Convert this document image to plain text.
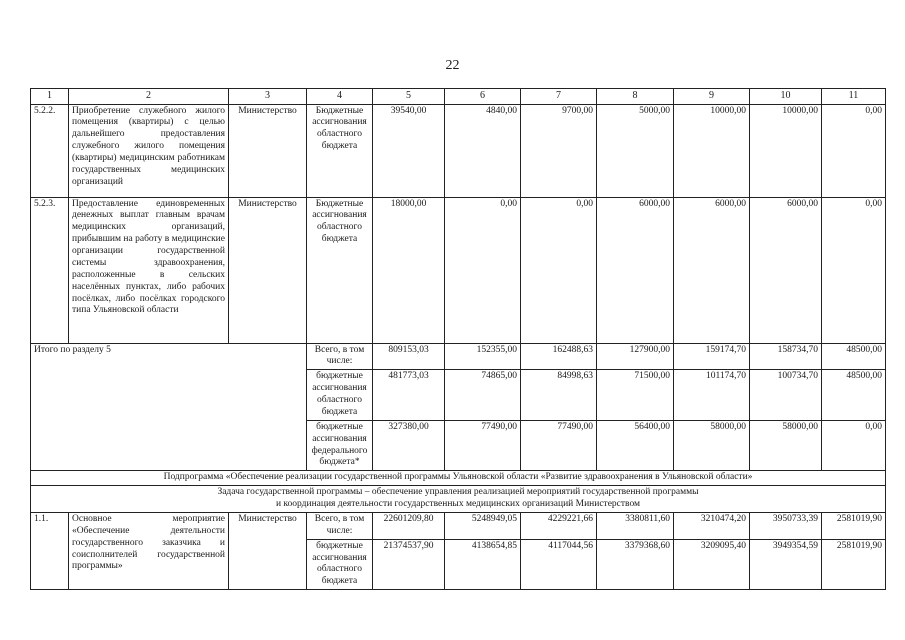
22
1	2	3	4	5	6	7	8	9	10	11
5.2.2.	Приобретение служебного жилого помещения (квартиры) с целью дальнейшего предоставления служебного жилого помещения (квартиры) медицинским работникам государственных медицинских организаций	Министерство	Бюджетные ассигнования областного бюджета	39540,00	4840,00	9700,00	5000,00	10000,00	10000,00	0,00
5.2.3.	Предоставление единовременных денежных выплат главным врачам медицинских организаций, прибывшим на работу в медицинские организации государственной системы здравоохранения, расположенные в сельских населённых пунктах, либо рабочих посёлках, либо посёлках городского типа Ульяновской области	Министерство	Бюджетные ассигнования областного бюджета	18000,00	0,00	0,00	6000,00	6000,00	6000,00	0,00
Итого по разделу 5			Всего, в том числе:	809153,03	152355,00	162488,63	127900,00	159174,70	158734,70	48500,00
			бюджетные ассигнования областного бюджета	481773,03	74865,00	84998,63	71500,00	101174,70	100734,70	48500,00
			бюджетные ассигнования федерального бюджета*	327380,00	77490,00	77490,00	56400,00	58000,00	58000,00	0,00
Подпрограмма «Обеспечение реализации государственной программы Ульяновской области «Развитие здравоохранения в Ульяновской области»										

Задача государственной программы – обеспечение управления реализацией мероприятий государственной программы
и координация деятельности государственных медицинских организаций Министерством										

1.1.	Основное мероприятие «Обеспечение деятельности государственного заказчика и соисполнителей государственной программы»	Министерство	Всего, в том числе:	22601209,80	5248949,05	4229221,66	3380811,60	3210474,20	3950733,39	2581019,90
			бюджетные ассигнования областного бюджета	21374537,90	4138654,85	4117044,56	3379368,60	3209095,40	3949354,59	2581019,90
